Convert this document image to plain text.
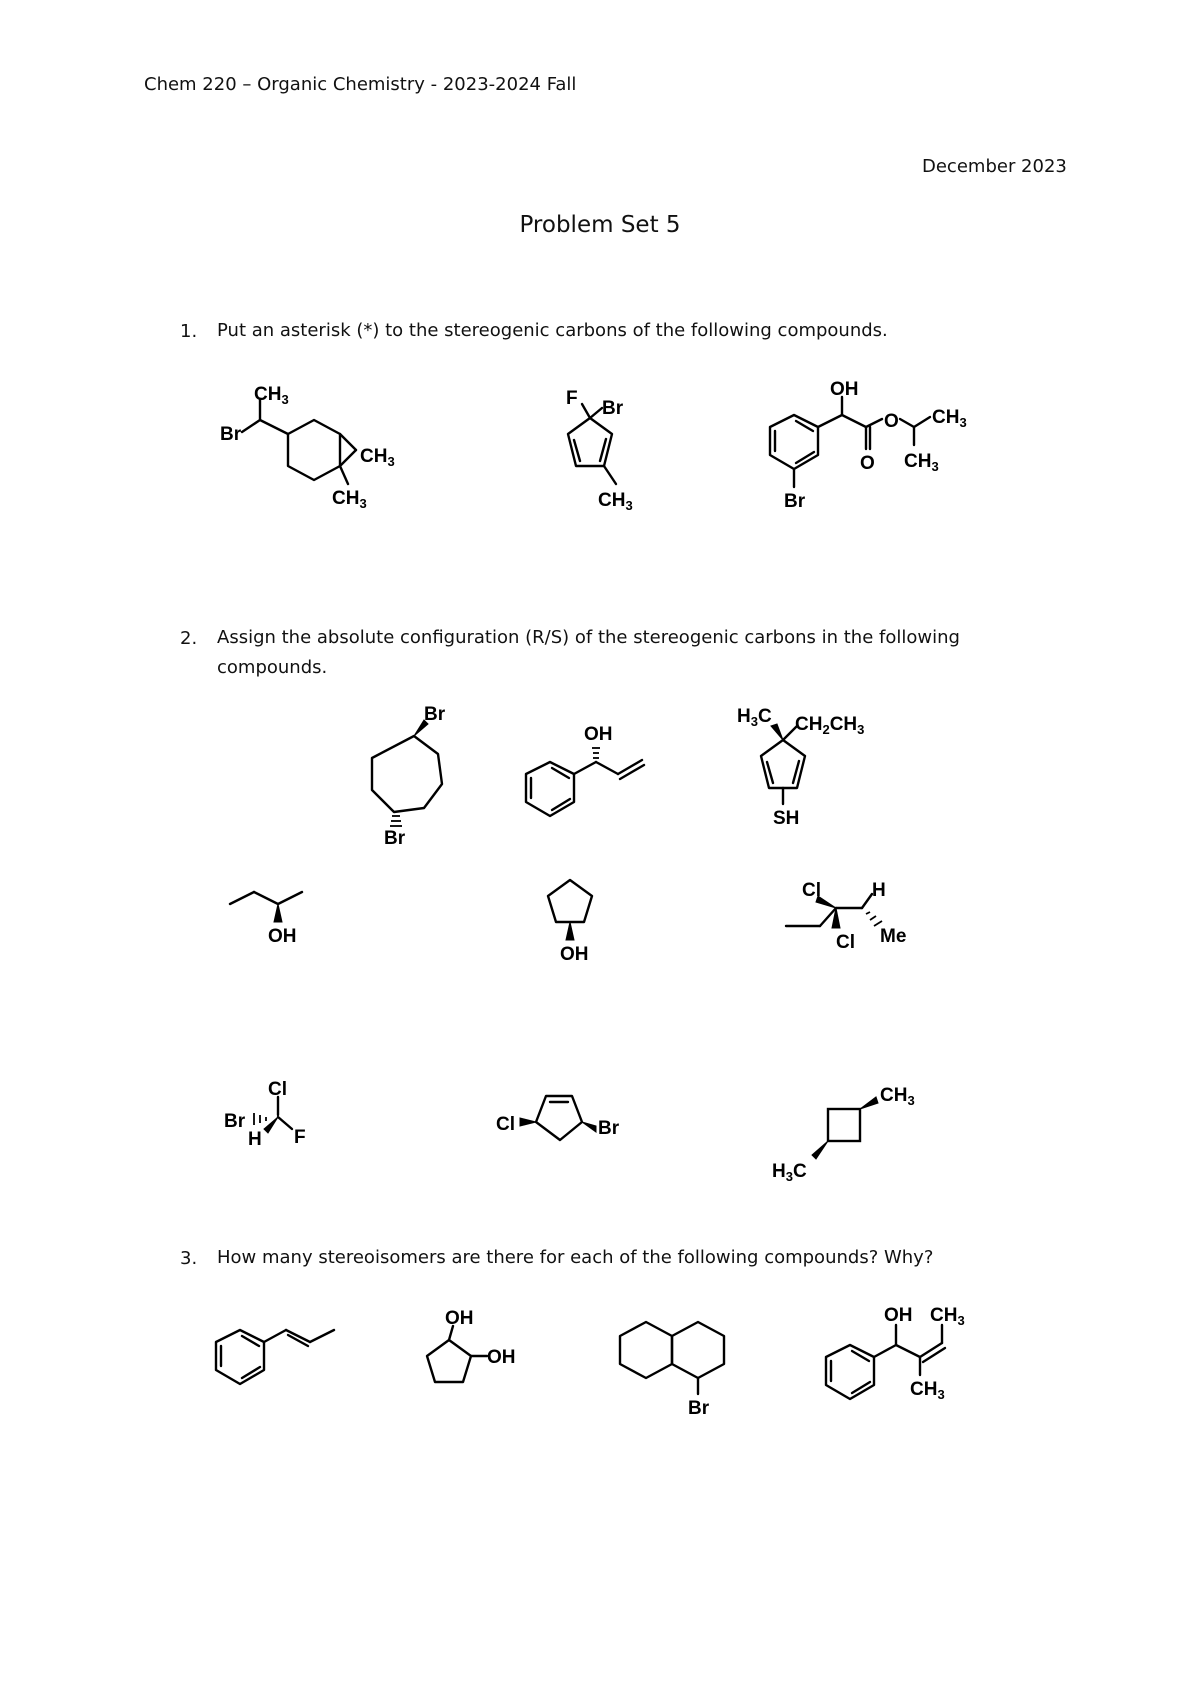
Chem 220 – Organic Chemistry - 2023-2024 Fall
December 2023
Problem Set 5
1. Put an asterisk (*) to the stereogenic carbons of the following compounds.
$CH_3$
Br
$CH_3$
$CH_3$
F Br
$CH_3$
OH
O
O $CH_3$
$CH_3$
Br
2. Assign the absolute configuration (R/S) of the stereogenic carbons in the following compounds.
Br
Br
OH
$H_3C$ $CH_2CH_3$
SH
OH
OH
Cl	H
Cl Me
Cl
Br
H F
Cl	Br
$CH_3$
$H_3C$
3. How many stereoisomers are there for each of the following compounds? Why?
OH
OH
Br
OH $CH_3$
$CH_3$
